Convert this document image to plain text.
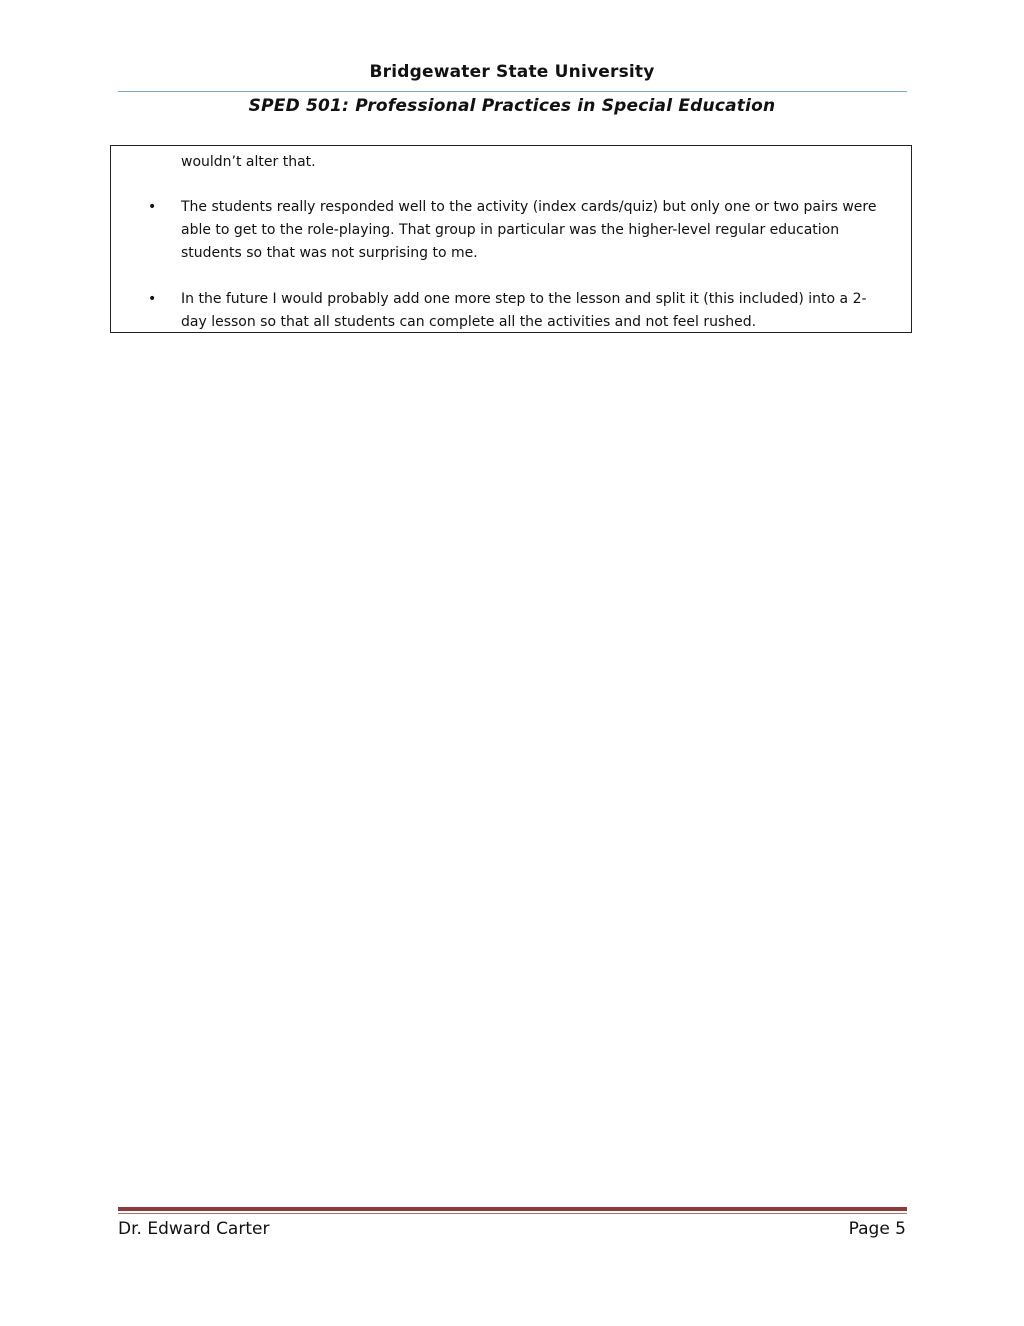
Bridgewater State University
SPED 501: Professional Practices in Special Education
wouldn’t alter that.
• The students really responded well to the activity (index cards/quiz) but only one or two pairs were able to get to the role-playing. That group in particular was the higher-level regular education students so that was not surprising to me.
• In the future I would probably add one more step to the lesson and split it (this included) into a 2-day lesson so that all students can complete all the activities and not feel rushed.
Dr. Edward Carter	Page 5
